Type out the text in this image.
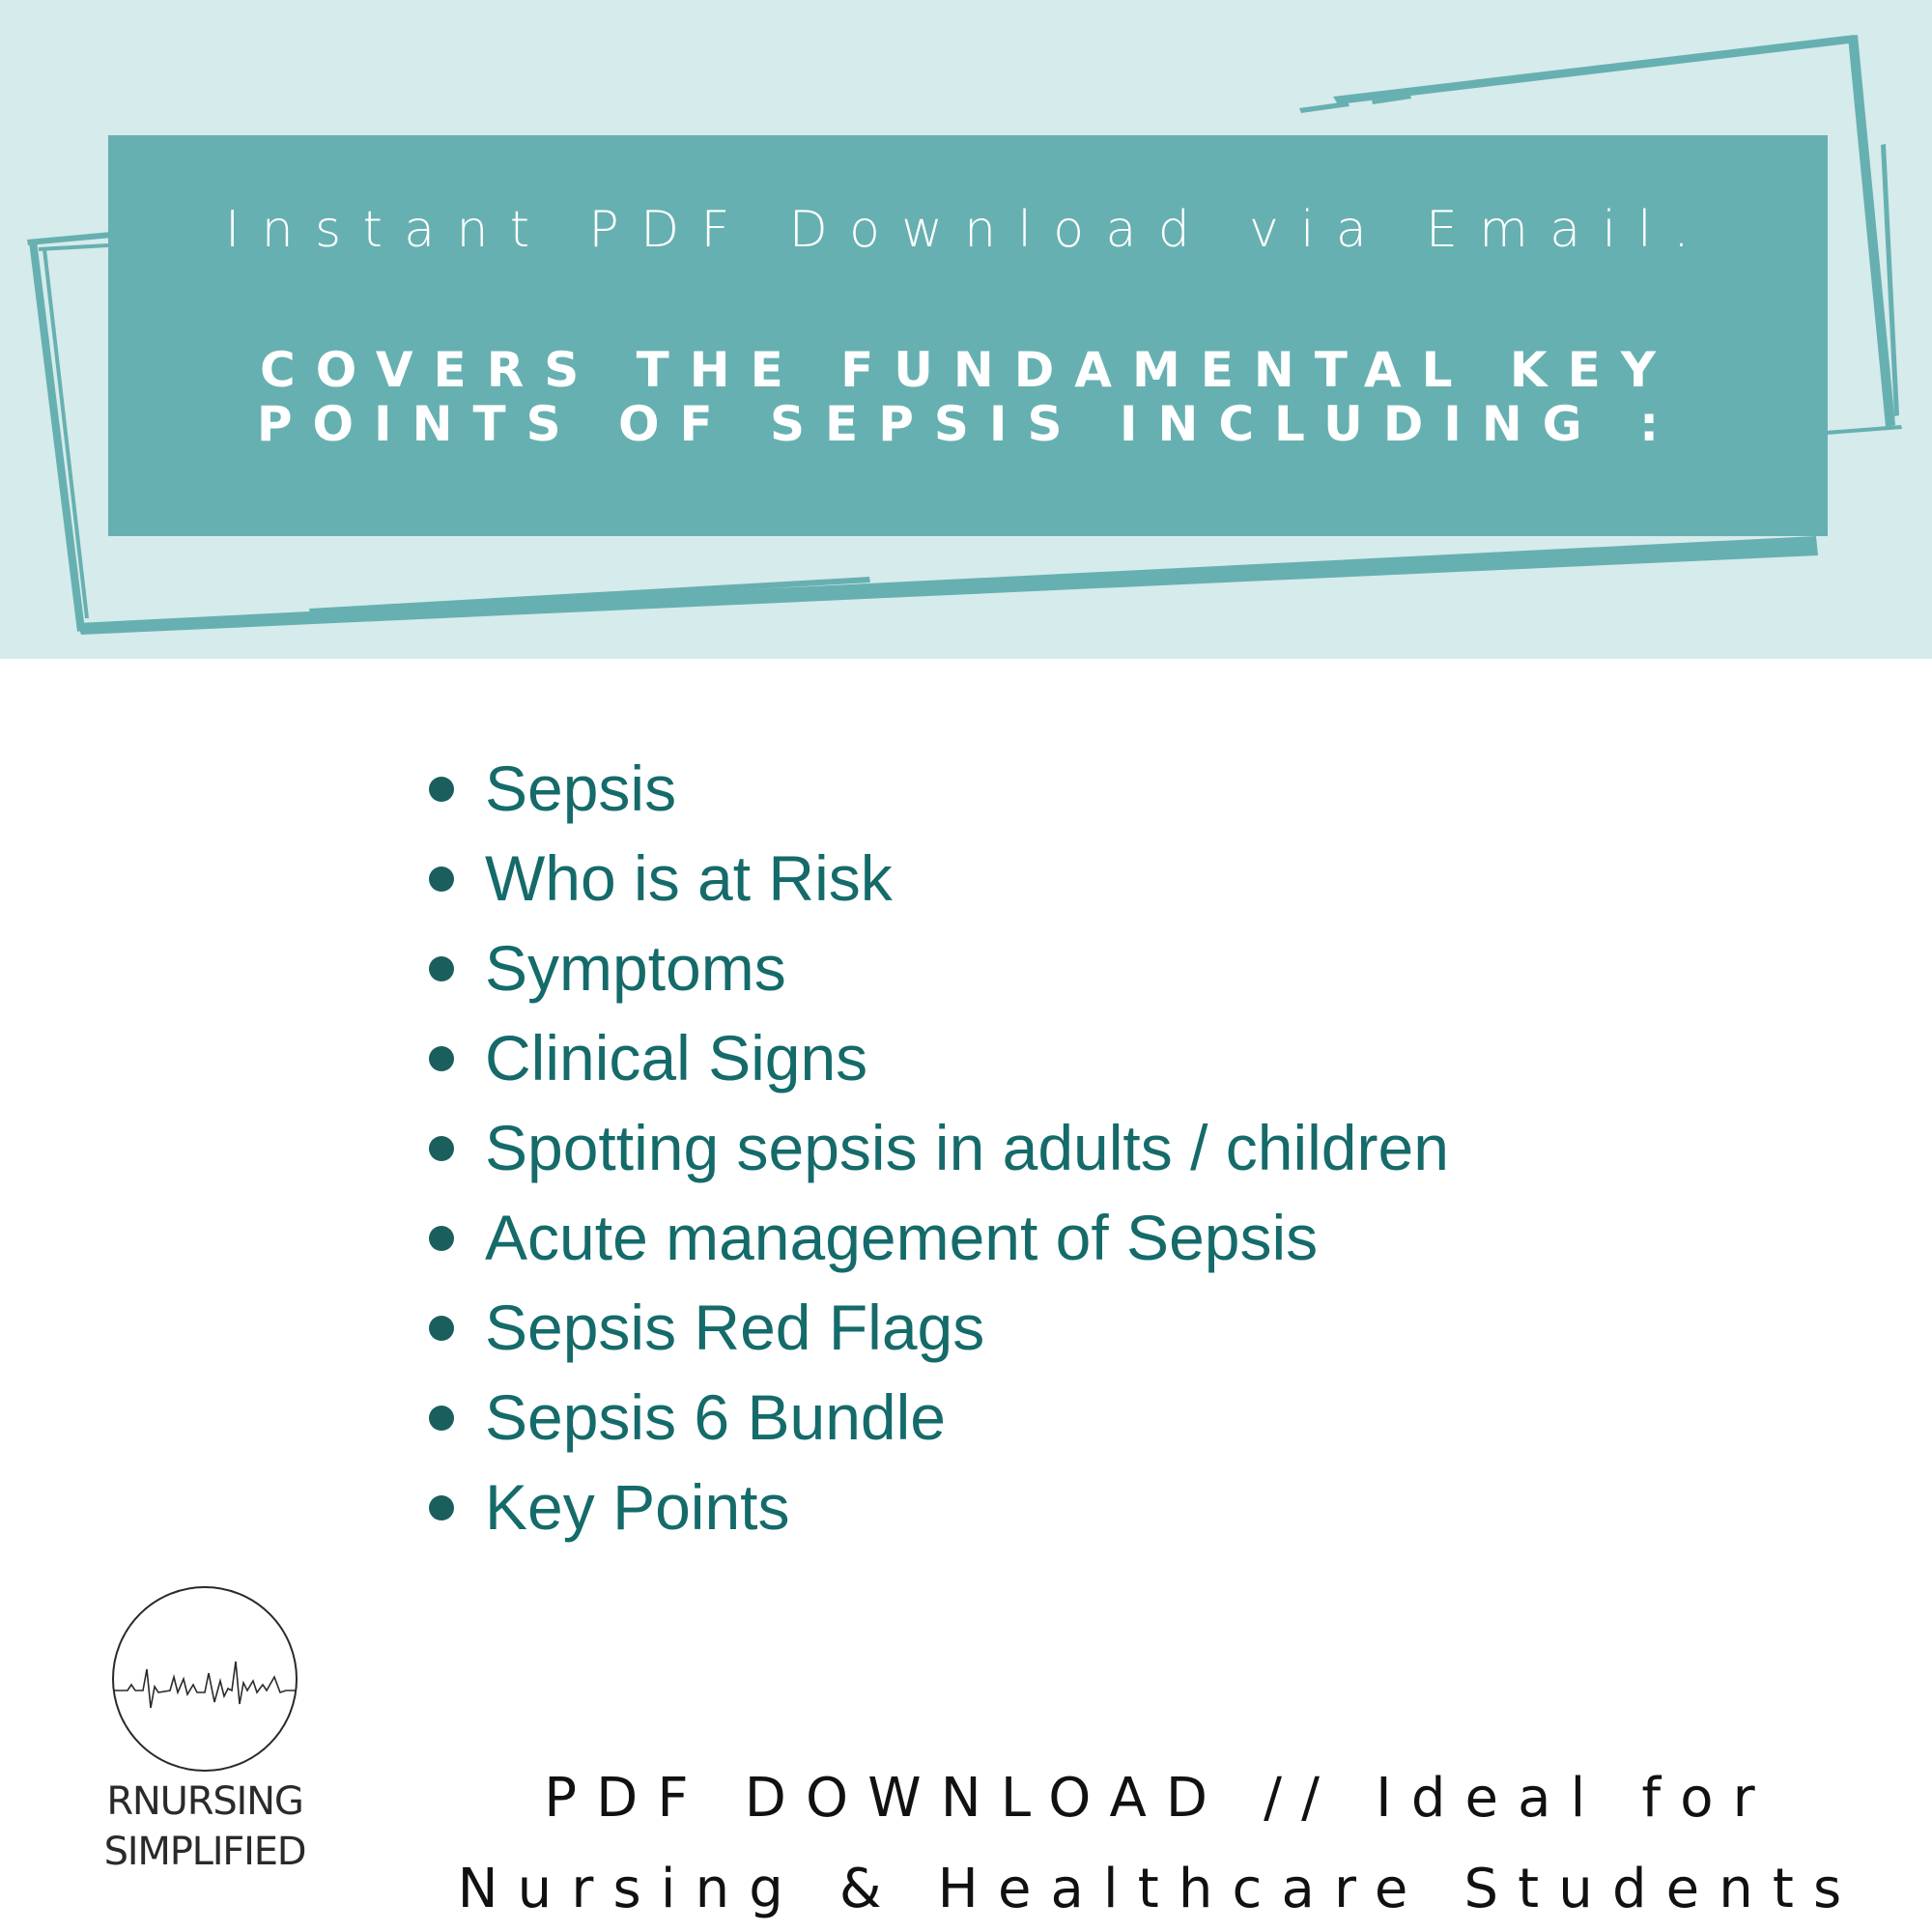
Instant PDF Download via Email.
COVERS THE FUNDAMENTAL KEY POINTS OF SEPSIS INCLUDING :
Sepsis
Who is at Risk
Symptoms
Clinical Signs
Spotting sepsis in adults / children
Acute management of Sepsis
Sepsis Red Flags
Sepsis 6 Bundle
Key Points
RNURSING
SIMPLIFIED
PDF DOWNLOAD // Ideal for Nursing & Healthcare Students
